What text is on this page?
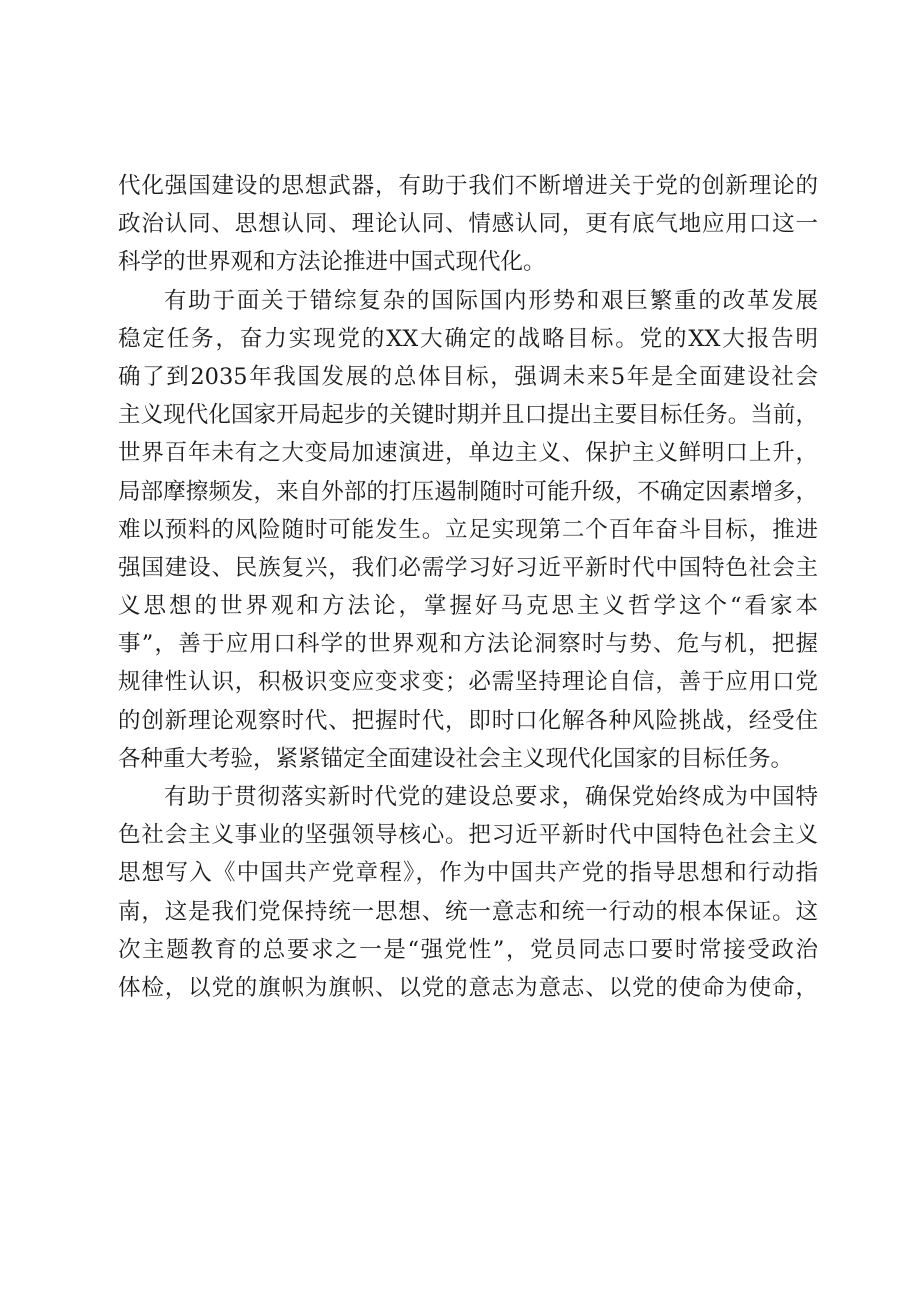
代化强国建设的思想武器，有助于我们不断增进关于党的创新理论的
政治认同、思想认同、理论认同、情感认同，更有底气地应用口这一
科学的世界观和方法论推进中国式现代化。
有助于面关于错综复杂的国际国内形势和艰巨繁重的改革发展
稳定任务，奋力实现党的XX大确定的战略目标。党的XX大报告明
确了到2035年我国发展的总体目标，强调未来5年是全面建设社会
主义现代化国家开局起步的关键时期并且口提出主要目标任务。当前，
世界百年未有之大变局加速演进，单边主义、保护主义鲜明口上升，
局部摩擦频发，来自外部的打压遏制随时可能升级，不确定因素增多，
难以预料的风险随时可能发生。立足实现第二个百年奋斗目标，推进
强国建设、民族复兴，我们必需学习好习近平新时代中国特色社会主
义思想的世界观和方法论，掌握好马克思主义哲学这个“看家本
事”，善于应用口科学的世界观和方法论洞察时与势、危与机，把握
规律性认识，积极识变应变求变；必需坚持理论自信，善于应用口党
的创新理论观察时代、把握时代，即时口化解各种风险挑战，经受住
各种重大考验，紧紧锚定全面建设社会主义现代化国家的目标任务。
有助于贯彻落实新时代党的建设总要求，确保党始终成为中国特
色社会主义事业的坚强领导核心。把习近平新时代中国特色社会主义
思想写入《中国共产党章程》，作为中国共产党的指导思想和行动指
南，这是我们党保持统一思想、统一意志和统一行动的根本保证。这
次主题教育的总要求之一是“强党性”，党员同志口要时常接受政治
体检，以党的旗帜为旗帜、以党的意志为意志、以党的使命为使命，
